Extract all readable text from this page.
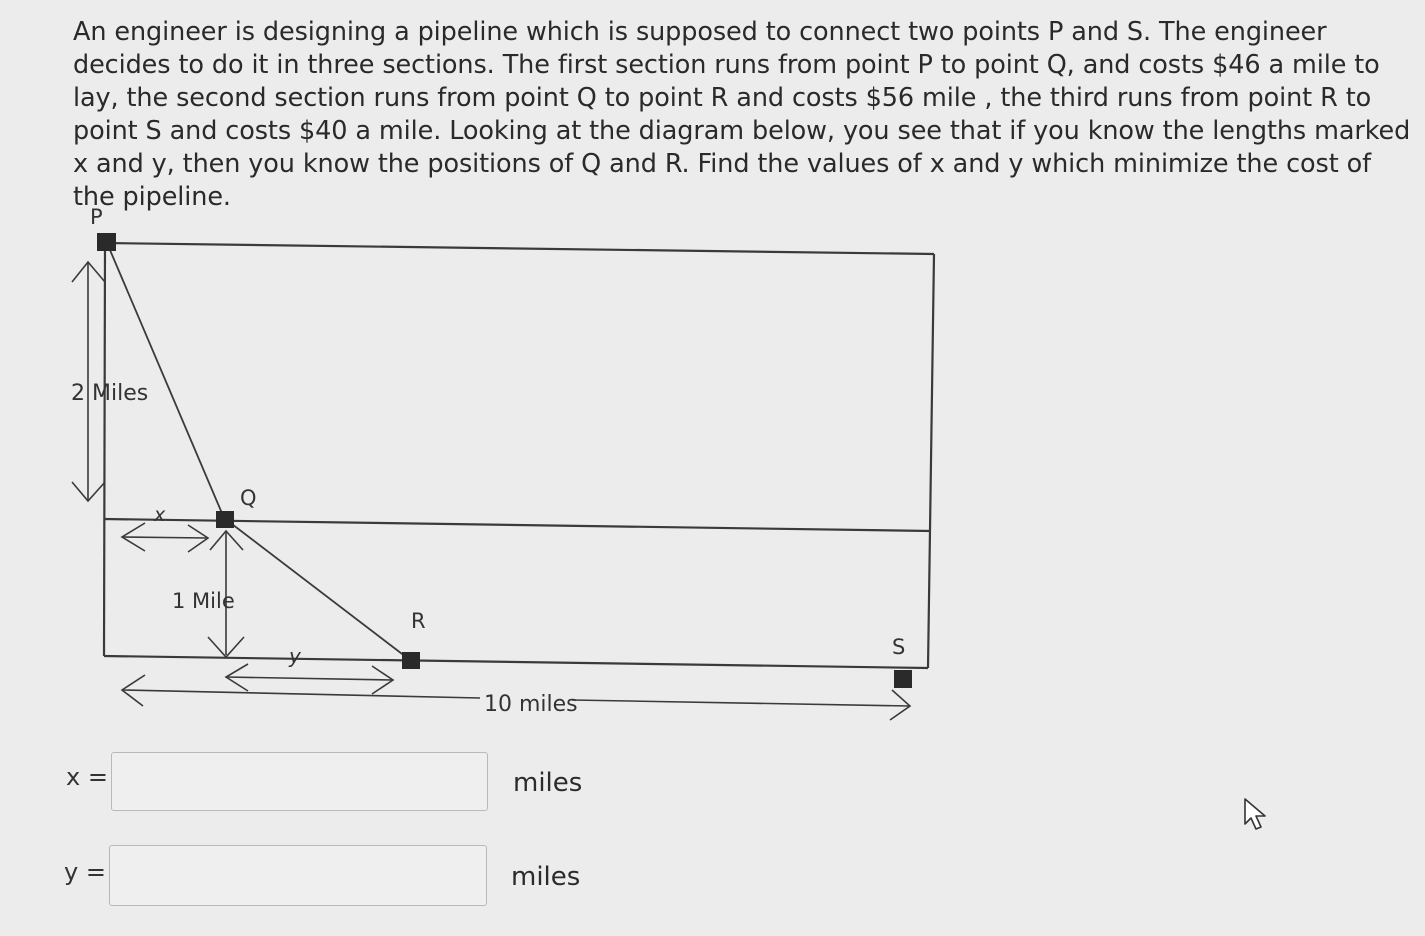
An engineer is designing a pipeline which is supposed to connect two points P and S. The engineer decides to do it in three sections. The first section runs from point P to point Q, and costs $46 a mile to lay, the second section runs from point Q to point R and costs $56 mile , the third runs from point R to point S and costs $40 a mile. Looking at the diagram below, you see that if you know the lengths marked x and y, then you know the positions of Q and R. Find the values of x and y which minimize the cost of the pipeline.

P
Q
R
S
2 Miles
x
1 Mile
y
10 miles
x =	miles
y =	miles
